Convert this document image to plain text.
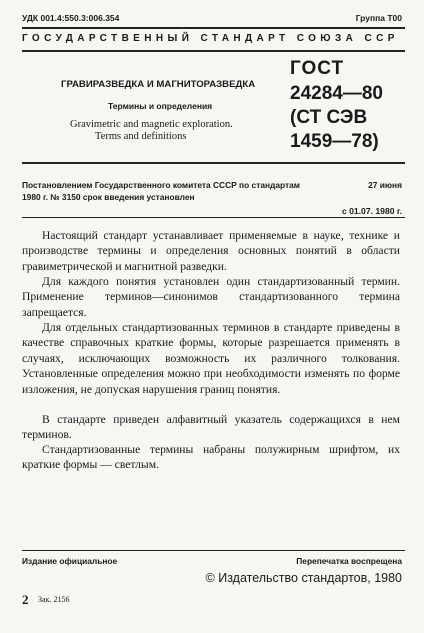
УДК 001.4:550.3:006.354	Группа Т00
ГОСУДАРСТВЕННЫЙ СТАНДАРТ СОЮЗА ССР
ГРАВИРАЗВЕДКА И МАГНИТОРАЗВЕДКА
Термины и определения
Gravimetric and magnetic exploration.
Terms and definitions
ГОСТ
24284—80
(СТ СЭВ
1459—78)
Постановлением Государственного комитета СССР по стандартам	27 июня
1980 г. № 3150 срок введения установлен
с 01.07. 1980 г.
Настоящий стандарт устанавливает применяемые в науке, технике и производстве термины и определения основных понятий в области гравиметрической и магнитной разведки.
Для каждого понятия установлен один стандартизованный термин. Применение терминов—синонимов стандартизованного термина запрещается.
Для отдельных стандартизованных терминов в стандарте приведены в качестве справочных краткие формы, которые разрешается применять в случаях, исключающих возможность их различного толкования. Установленные определения можно при необходимости изменять по форме изложения, не допуская нарушения границ понятия.
В стандарте приведен алфавитный указатель содержащихся в нем терминов.
Стандартизованные термины набраны полужирным шрифтом, их краткие формы — светлым.
Издание официальное	Перепечатка воспрещена
© Издательство стандартов, 1980
2 Зак. 2156
